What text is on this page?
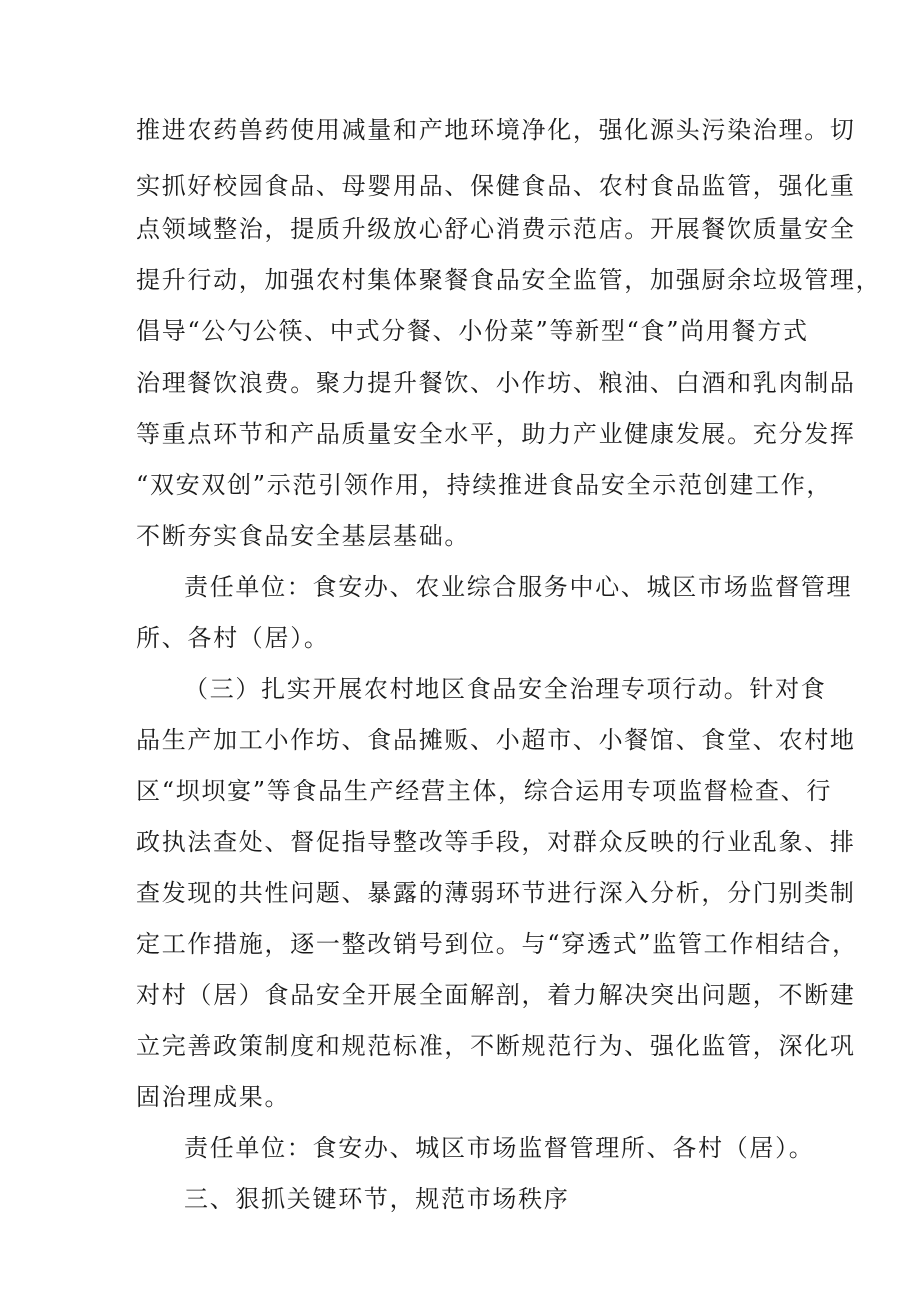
推进农药兽药使用减量和产地环境净化，强化源头污染治理。切
实抓好校园食品、母婴用品、保健食品、农村食品监管，强化重
点领域整治，提质升级放心舒心消费示范店。开展餐饮质量安全
提升行动，加强农村集体聚餐食品安全监管，加强厨余垃圾管理，
倡导“公勺公筷、中式分餐、小份菜”等新型“食”尚用餐方式
治理餐饮浪费。聚力提升餐饮、小作坊、粮油、白酒和乳肉制品
等重点环节和产品质量安全水平，助力产业健康发展。充分发挥
“双安双创”示范引领作用，持续推进食品安全示范创建工作，
不断夯实食品安全基层基础。
责任单位：食安办、农业综合服务中心、城区市场监督管理
所、各村（居）。
（三）扎实开展农村地区食品安全治理专项行动。针对食
品生产加工小作坊、食品摊贩、小超市、小餐馆、食堂、农村地
区“坝坝宴”等食品生产经营主体，综合运用专项监督检查、行
政执法查处、督促指导整改等手段，对群众反映的行业乱象、排
查发现的共性问题、暴露的薄弱环节进行深入分析，分门别类制
定工作措施，逐一整改销号到位。与“穿透式”监管工作相结合，
对村（居）食品安全开展全面解剖，着力解决突出问题，不断建
立完善政策制度和规范标准，不断规范行为、强化监管，深化巩
固治理成果。
责任单位：食安办、城区市场监督管理所、各村（居）。
三、狠抓关键环节，规范市场秩序
